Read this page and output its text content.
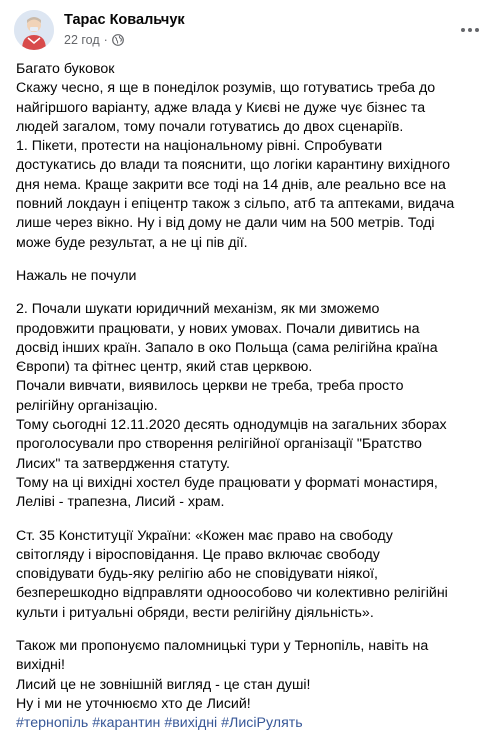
Тарас Ковальчук
22 год ·
Багато буковок
Скажу чесно, я ще в понеділок розумів, що готуватись треба до
найгіршого варіанту, адже влада у Києві не дуже чує бізнес та
людей загалом, тому почали готуватись до двох сценаріїв.
1. Пікети, протести на національному рівні. Спробувати
достукатись до влади та пояснити, що логіки карантину вихідного
дня нема. Краще закрити все тоді на 14 днів, але реально все на
повний локдаун і епіцентр також з сільпо, атб та аптеками, видача
лише через вікно. Ну і від дому не дали чим на 500 метрів. Тоді
може буде результат, а не ці пів дії.
Нажаль не почули
2. Почали шукати юридичний механізм, як ми зможемо
продовжити працювати, у нових умовах. Почали дивитись на
досвід інших країн. Запало в око Польща (сама релігійна країна
Європи) та фітнес центр, який став церквою.
Почали вивчати, виявилось церкви не треба, треба просто
релігійну організацію.
Тому сьогодні 12.11.2020 десять однодумців на загальних зборах
проголосували про створення релігійної організації "Братство
Лисих" та затвердження статуту.
Тому на ці вихідні хостел буде працювати у форматі монастиря,
Леліві - трапезна, Лисий - храм.
Ст. 35 Конституції України: «Кожен має право на свободу
світогляду і віросповідання. Це право включає свободу
сповідувати будь-яку релігію або не сповідувати ніякої,
безперешкодно відправляти одноособово чи колективно релігійні
культи і ритуальні обряди, вести релігійну діяльність».
Також ми пропонуємо паломницькі тури у Тернопіль, навіть на
вихідні!
Лисий це не зовнішній вигляд - це стан душі!
Ну і ми не уточнюємо хто де Лисий!
#тернопіль #карантин #вихідні #ЛисіРулять
